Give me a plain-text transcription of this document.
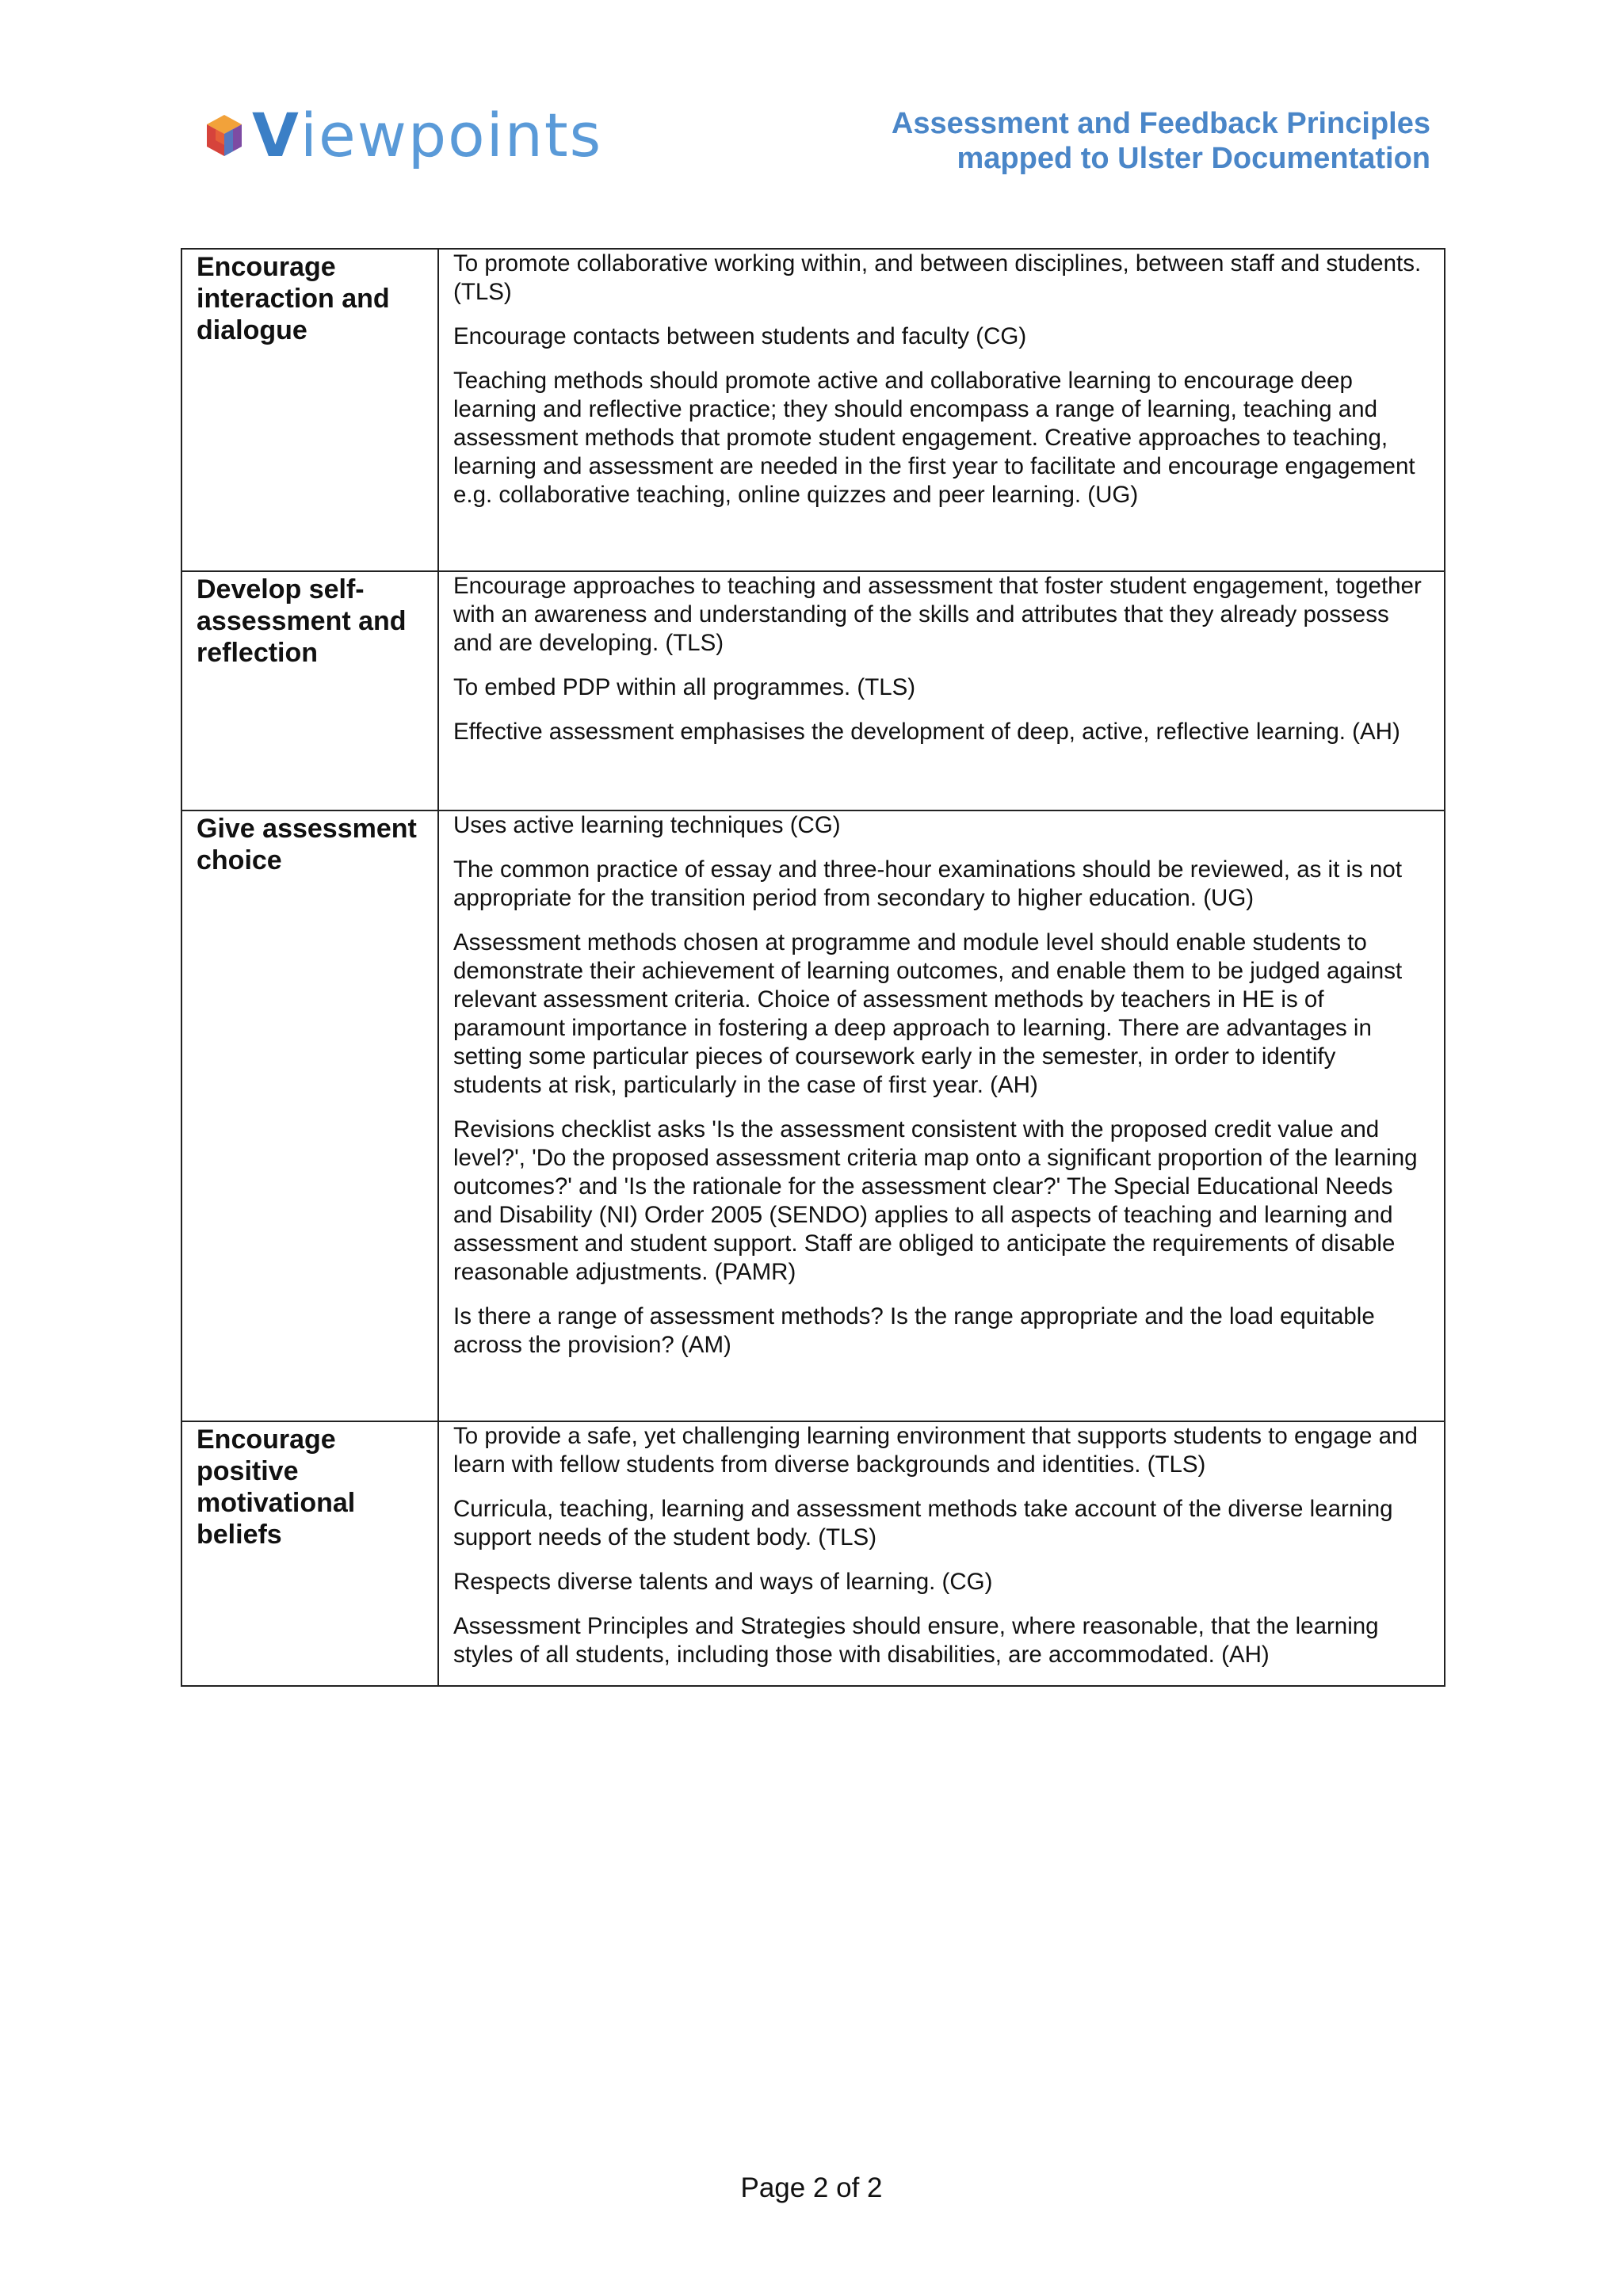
Viewpoints	Assessment and Feedback Principles
mapped to Ulster Documentation
Encourage interaction and dialogue	To promote collaborative working within, and between disciplines, between staff and students. (TLS)

Encourage contacts between students and faculty (CG)

Teaching methods should promote active and collaborative learning to encourage deep learning and reflective practice; they should encompass a range of learning, teaching and assessment methods that promote student engagement. Creative approaches to teaching, learning and assessment are needed in the first year to facilitate and encourage engagement e.g. collaborative teaching, online quizzes and peer learning. (UG)

Develop self-assessment and reflection	Encourage approaches to teaching and assessment that foster student engagement, together with an awareness and understanding of the skills and attributes that they already possess and are developing. (TLS)

To embed PDP within all programmes. (TLS)

Effective assessment emphasises the development of deep, active, reflective learning. (AH)

Give assessment choice	Uses active learning techniques (CG)

The common practice of essay and three-hour examinations should be reviewed, as it is not appropriate for the transition period from secondary to higher education. (UG)

Assessment methods chosen at programme and module level should enable students to demonstrate their achievement of learning outcomes, and enable them to be judged against relevant assessment criteria. Choice of assessment methods by teachers in HE is of paramount importance in fostering a deep approach to learning. There are advantages in setting some particular pieces of coursework early in the semester, in order to identify students at risk, particularly in the case of first year. (AH)

Revisions checklist asks 'Is the assessment consistent with the proposed credit value and level?', 'Do the proposed assessment criteria map onto a significant proportion of the learning outcomes?' and 'Is the rationale for the assessment clear?' The Special Educational Needs and Disability (NI) Order 2005 (SENDO) applies to all aspects of teaching and learning and assessment and student support. Staff are obliged to anticipate the requirements of disable reasonable adjustments. (PAMR)

Is there a range of assessment methods? Is the range appropriate and the load equitable across the provision? (AM)

Encourage positive motivational beliefs	To provide a safe, yet challenging learning environment that supports students to engage and learn with fellow students from diverse backgrounds and identities. (TLS)

Curricula, teaching, learning and assessment methods take account of the diverse learning support needs of the student body. (TLS)

Respects diverse talents and ways of learning. (CG)

Assessment Principles and Strategies should ensure, where reasonable, that the learning styles of all students, including those with disabilities, are accommodated. (AH)

Page 2 of 2
